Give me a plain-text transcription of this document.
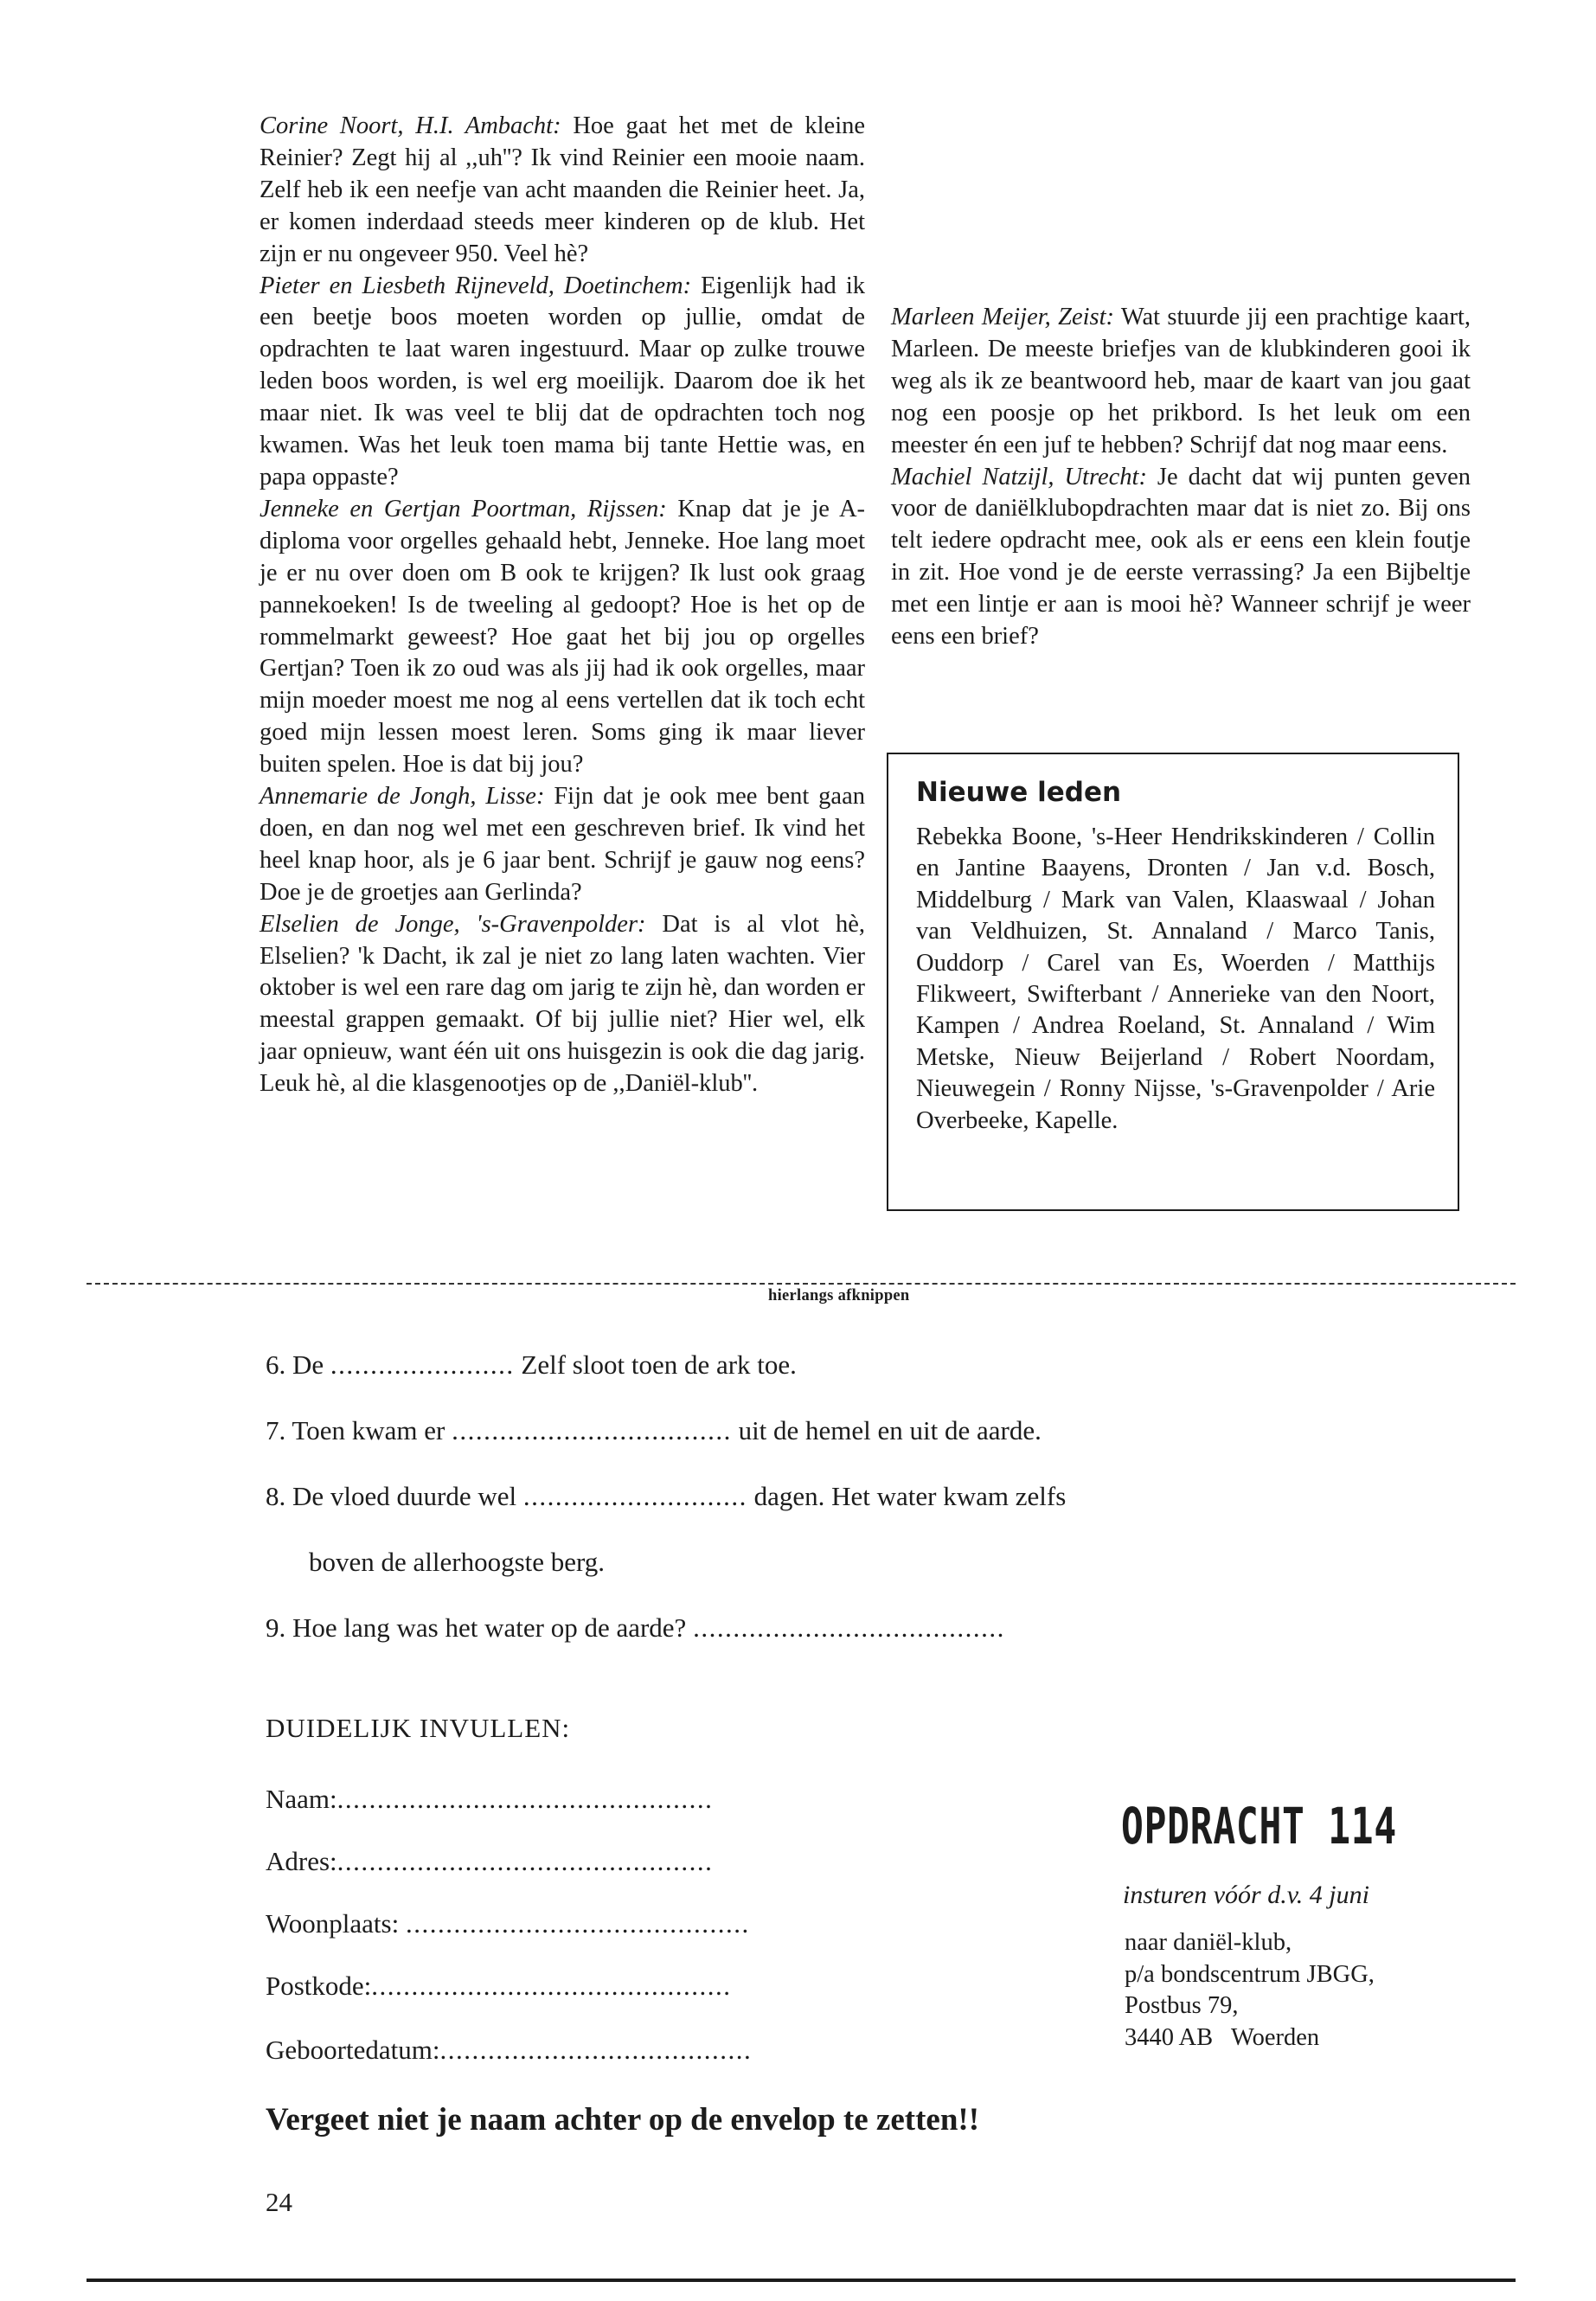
Corine Noort, H.I. Ambacht: Hoe gaat het met de kleine Reinier? Zegt hij al ,,uh''? Ik vind Reinier een mooie naam. Zelf heb ik een neefje van acht maanden die Reinier heet. Ja, er komen inderdaad steeds meer kinderen op de klub. Het zijn er nu ongeveer 950. Veel hè?

Pieter en Liesbeth Rijneveld, Doetinchem: Eigenlijk had ik een beetje boos moeten worden op jullie, omdat de opdrachten te laat waren ingestuurd. Maar op zulke trouwe leden boos worden, is wel erg moeilijk. Daarom doe ik het maar niet. Ik was veel te blij dat de opdrachten toch nog kwamen. Was het leuk toen mama bij tante Hettie was, en papa oppaste?

Jenneke en Gertjan Poortman, Rijssen: Knap dat je je A-diploma voor orgelles gehaald hebt, Jenneke. Hoe lang moet je er nu over doen om B ook te krijgen? Ik lust ook graag pannekoeken! Is de tweeling al gedoopt? Hoe is het op de rommelmarkt geweest? Hoe gaat het bij jou op orgelles Gertjan? Toen ik zo oud was als jij had ik ook orgelles, maar mijn moeder moest me nog al eens vertellen dat ik toch echt goed mijn lessen moest leren. Soms ging ik maar liever buiten spelen. Hoe is dat bij jou?

Annemarie de Jongh, Lisse: Fijn dat je ook mee bent gaan doen, en dan nog wel met een geschreven brief. Ik vind het heel knap hoor, als je 6 jaar bent. Schrijf je gauw nog eens? Doe je de groetjes aan Gerlinda?

Elselien de Jonge, 's-Gravenpolder: Dat is al vlot hè, Elselien? 'k Dacht, ik zal je niet zo lang laten wachten. Vier oktober is wel een rare dag om jarig te zijn hè, dan worden er meestal grappen gemaakt. Of bij jullie niet? Hier wel, elk jaar opnieuw, want één uit ons huisgezin is ook die dag jarig. Leuk hè, al die klasgenootjes op de ,,Daniël-klub''.

Marleen Meijer, Zeist: Wat stuurde jij een prachtige kaart, Marleen. De meeste briefjes van de klubkinderen gooi ik weg als ik ze beantwoord heb, maar de kaart van jou gaat nog een poosje op het prikbord. Is het leuk om een meester én een juf te hebben? Schrijf dat nog maar eens.

Machiel Natzijl, Utrecht: Je dacht dat wij punten geven voor de daniëlklubopdrachten maar dat is niet zo. Bij ons telt iedere opdracht mee, ook als er eens een klein foutje in zit. Hoe vond je de eerste verrassing? Ja een Bijbeltje met een lintje er aan is mooi hè? Wanneer schrijf je weer eens een brief?

Nieuwe leden

Rebekka Boone, 's-Heer Hendrikskinderen / Collin en Jantine Baayens, Dronten / Jan v.d. Bosch, Middelburg / Mark van Valen, Klaaswaal / Johan van Veldhuizen, St. Annaland / Marco Tanis, Ouddorp / Carel van Es, Woerden / Matthijs Flikweert, Swifterbant / Annerieke van den Noort, Kampen / Andrea Roeland, St. Annaland / Wim Metske, Nieuw Beijerland / Robert Noordam, Nieuwegein / Ronny Nijsse, 's-Gravenpolder / Arie Overbeeke, Kapelle.

hierlangs afknippen
6. De ....................... Zelf sloot toen de ark toe.
7. Toen kwam er ................................... uit de hemel en uit de aarde.
8. De vloed duurde wel ............................ dagen. Het water kwam zelfs
boven de allerhoogste berg.
9. Hoe lang was het water op de aarde? .......................................
DUIDELIJK INVULLEN:
Naam:...............................................
Adres:...............................................
Woonplaats: ...........................................
Postkode:.............................................
Geboortedatum:.......................................
OPDRACHT 114
insturen vóór d.v. 4 juni
naar daniël-klub,
p/a bondscentrum JBGG,
Postbus 79,
3440 AB   Woerden
Vergeet niet je naam achter op de envelop te zetten!!
24
